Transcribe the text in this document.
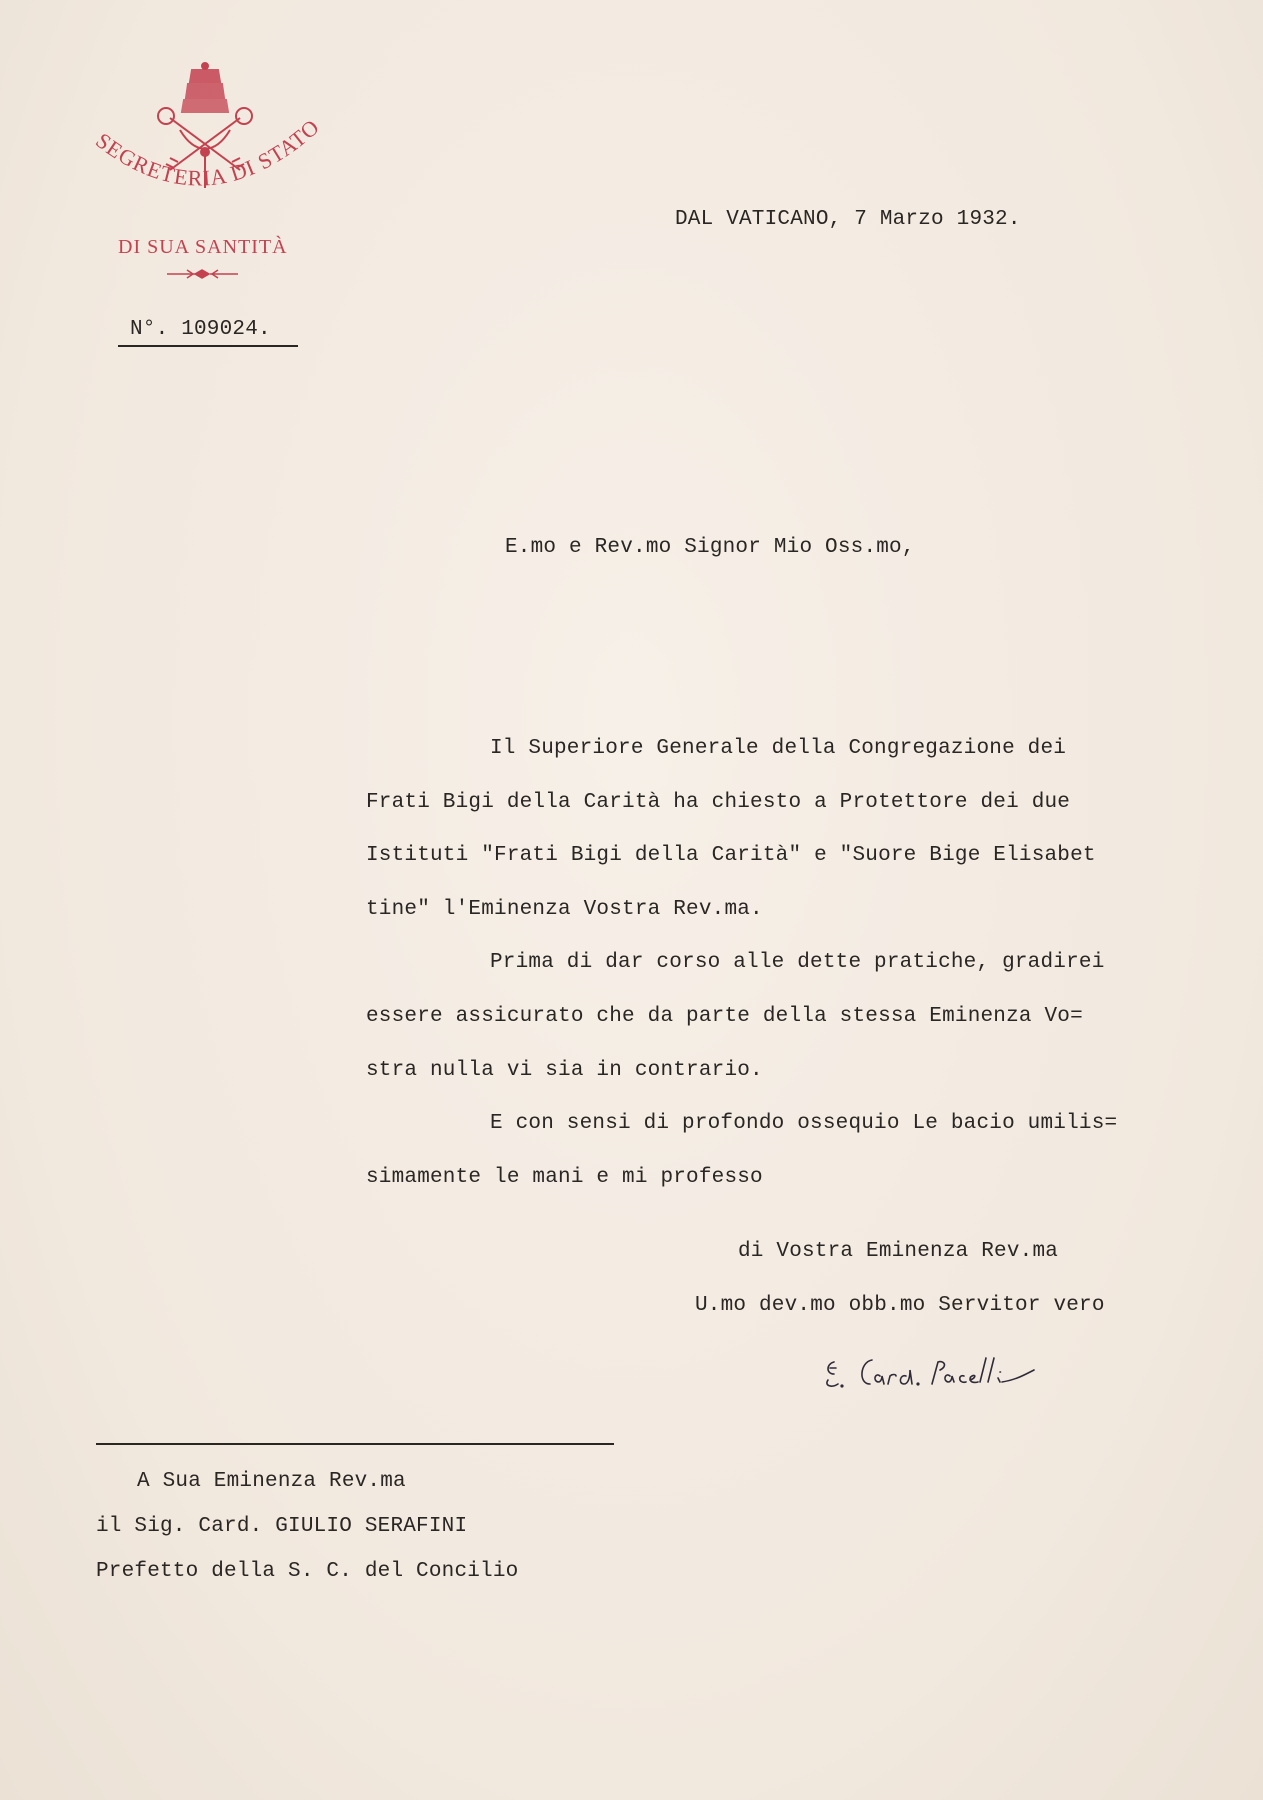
SEGRETERIA DI STATO
DI SUA SANTITÀ
N°. 109024.
DAL VATICANO, 7 Marzo 1932.
E.mo e Rev.mo Signor Mio Oss.mo,
Il Superiore Generale della Congregazione dei
Frati Bigi della Carità ha chiesto a Protettore dei due
Istituti "Frati Bigi della Carità" e "Suore Bige Elisabet
tine" l'Eminenza Vostra Rev.ma.
Prima di dar corso alle dette pratiche, gradirei
essere assicurato che da parte della stessa Eminenza Vo=
stra nulla vi sia in contrario.
E con sensi di profondo ossequio Le bacio umilis=
simamente le mani e mi professo
di Vostra Eminenza Rev.ma
U.mo dev.mo obb.mo Servitor vero
A Sua Eminenza Rev.ma
il Sig. Card. GIULIO SERAFINI
Prefetto della S. C. del Concilio
